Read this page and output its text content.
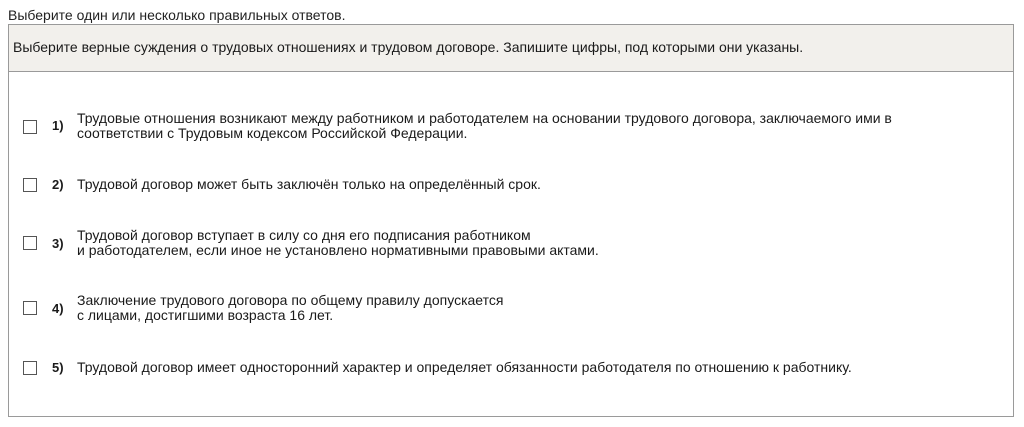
Выберите один или несколько правильных ответов.
Выберите верные суждения о трудовых отношениях и трудовом договоре. Запишите цифры, под которыми они указаны.
1) Трудовые отношения возникают между работником и работодателем на основании трудового договора, заключаемого ими в
соответствии с Трудовым кодексом Российской Федерации.
2) Трудовой договор может быть заключён только на определённый срок.
3)
Трудовой договор вступает в силу со дня его подписания работником
и работодателем, если иное не установлено нормативными правовыми актами.
4)
Заключение трудового договора по общему правилу допускается
с лицами, достигшими возраста 16 лет.
5) Трудовой договор имеет односторонний характер и определяет обязанности работодателя по отношению к работнику.
